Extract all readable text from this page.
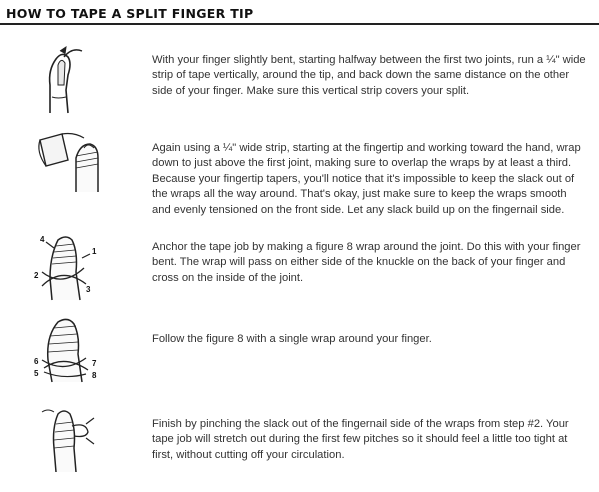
HOW TO TAPE A SPLIT FINGER TIP
With your finger slightly bent, starting halfway between the first two joints, run a ¼" wide strip of tape vertically, around the tip, and back down the same distance on the other side of your finger. Make sure this vertical strip covers your split.
Again using a ¼" wide strip, starting at the fingertip and working toward the hand, wrap down to just above the first joint, making sure to overlap the wraps by at least a third. Because your fingertip tapers, you'll notice that it's impossible to keep the slack out of the wraps all the way around. That's okay, just make sure to keep the wraps smooth and evenly tensioned on the front side. Let any slack build up on the fingernail side.
4
1
2
3
Anchor the tape job by making a figure 8 wrap around the joint. Do this with your finger bent. The wrap will pass on either side of the knuckle on the back of your finger and cross on the inside of the joint.
6
5
7
8
Follow the figure 8 with a single wrap around your finger.
Finish by pinching the slack out of the fingernail side of the wraps from step #2. Your tape job will stretch out during the first few pitches so it should feel a little too tight at first, without cutting off your circulation.
